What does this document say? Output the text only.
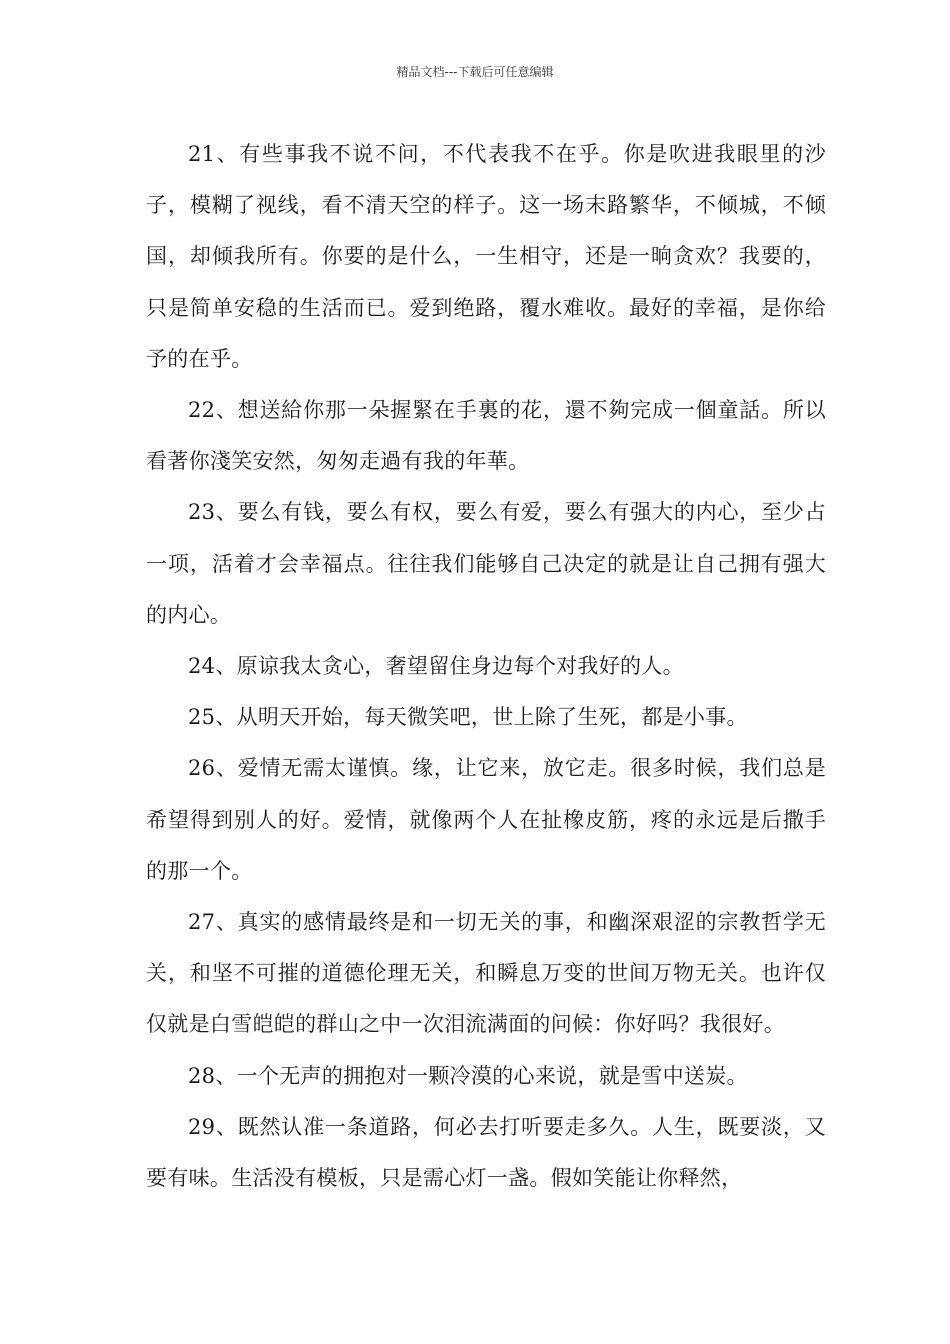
精品文档---下载后可任意编辑

21、有些事我不说不问，不代表我不在乎。你是吹进我眼里的沙子，模糊了视线，看不清天空的样子。这一场末路繁华，不倾城，不倾国，却倾我所有。你要的是什么，一生相守，还是一晌贪欢？我要的，只是简单安稳的生活而已。爱到绝路，覆水难收。最好的幸福，是你给予的在乎。

22、想送給你那一朵握緊在手裏的花，還不夠完成一個童話。所以看著你淺笑安然，匆匆走過有我的年華。

23、要么有钱，要么有权，要么有爱，要么有强大的内心，至少占一项，活着才会幸福点。往往我们能够自己决定的就是让自己拥有强大的内心。

24、原谅我太贪心，奢望留住身边每个对我好的人。

25、从明天开始，每天微笑吧，世上除了生死，都是小事。

26、爱情无需太谨慎。缘，让它来，放它走。很多时候，我们总是希望得到别人的好。爱情，就像两个人在扯橡皮筋，疼的永远是后撒手的那一个。

27、真实的感情最终是和一切无关的事，和幽深艰涩的宗教哲学无关，和坚不可摧的道德伦理无关，和瞬息万变的世间万物无关。也许仅仅就是白雪皑皑的群山之中一次泪流满面的问候：你好吗？我很好。

28、一个无声的拥抱对一颗冷漠的心来说，就是雪中送炭。

29、既然认准一条道路，何必去打听要走多久。人生，既要淡，又要有味。生活没有模板，只是需心灯一盏。假如笑能让你释然，
